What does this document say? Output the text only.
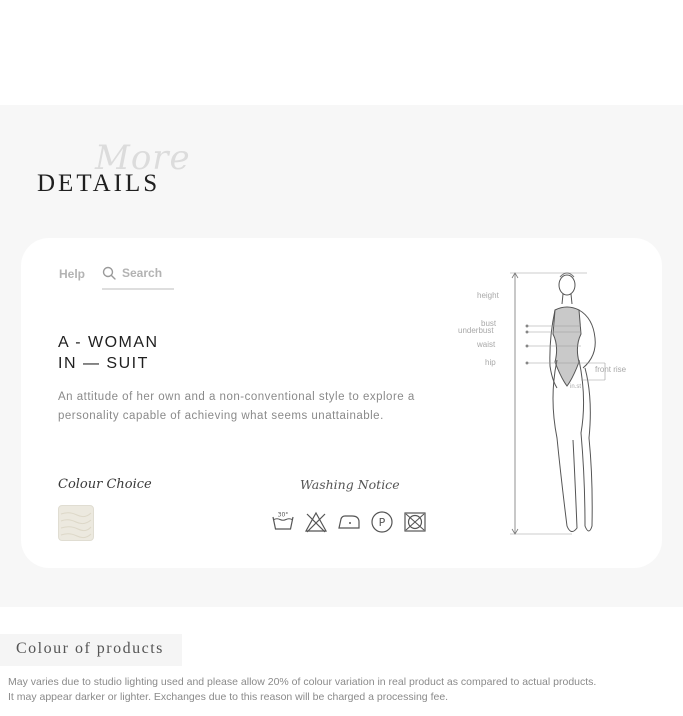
More
DETAILS
Help	Search
A - WOMAN
IN — SUIT
An attitude of her own and a non-conventional style to explore a personality capable of achieving what seems unattainable.
Colour Choice	Washing Notice
30°
P
height
bust
underbust
waist
hip
front rise
in.st
Colour of products
May varies due to studio lighting used and please allow 20% of colour variation in real product as compared to actual products.
It may appear darker or lighter. Exchanges due to this reason will be charged a processing fee.
